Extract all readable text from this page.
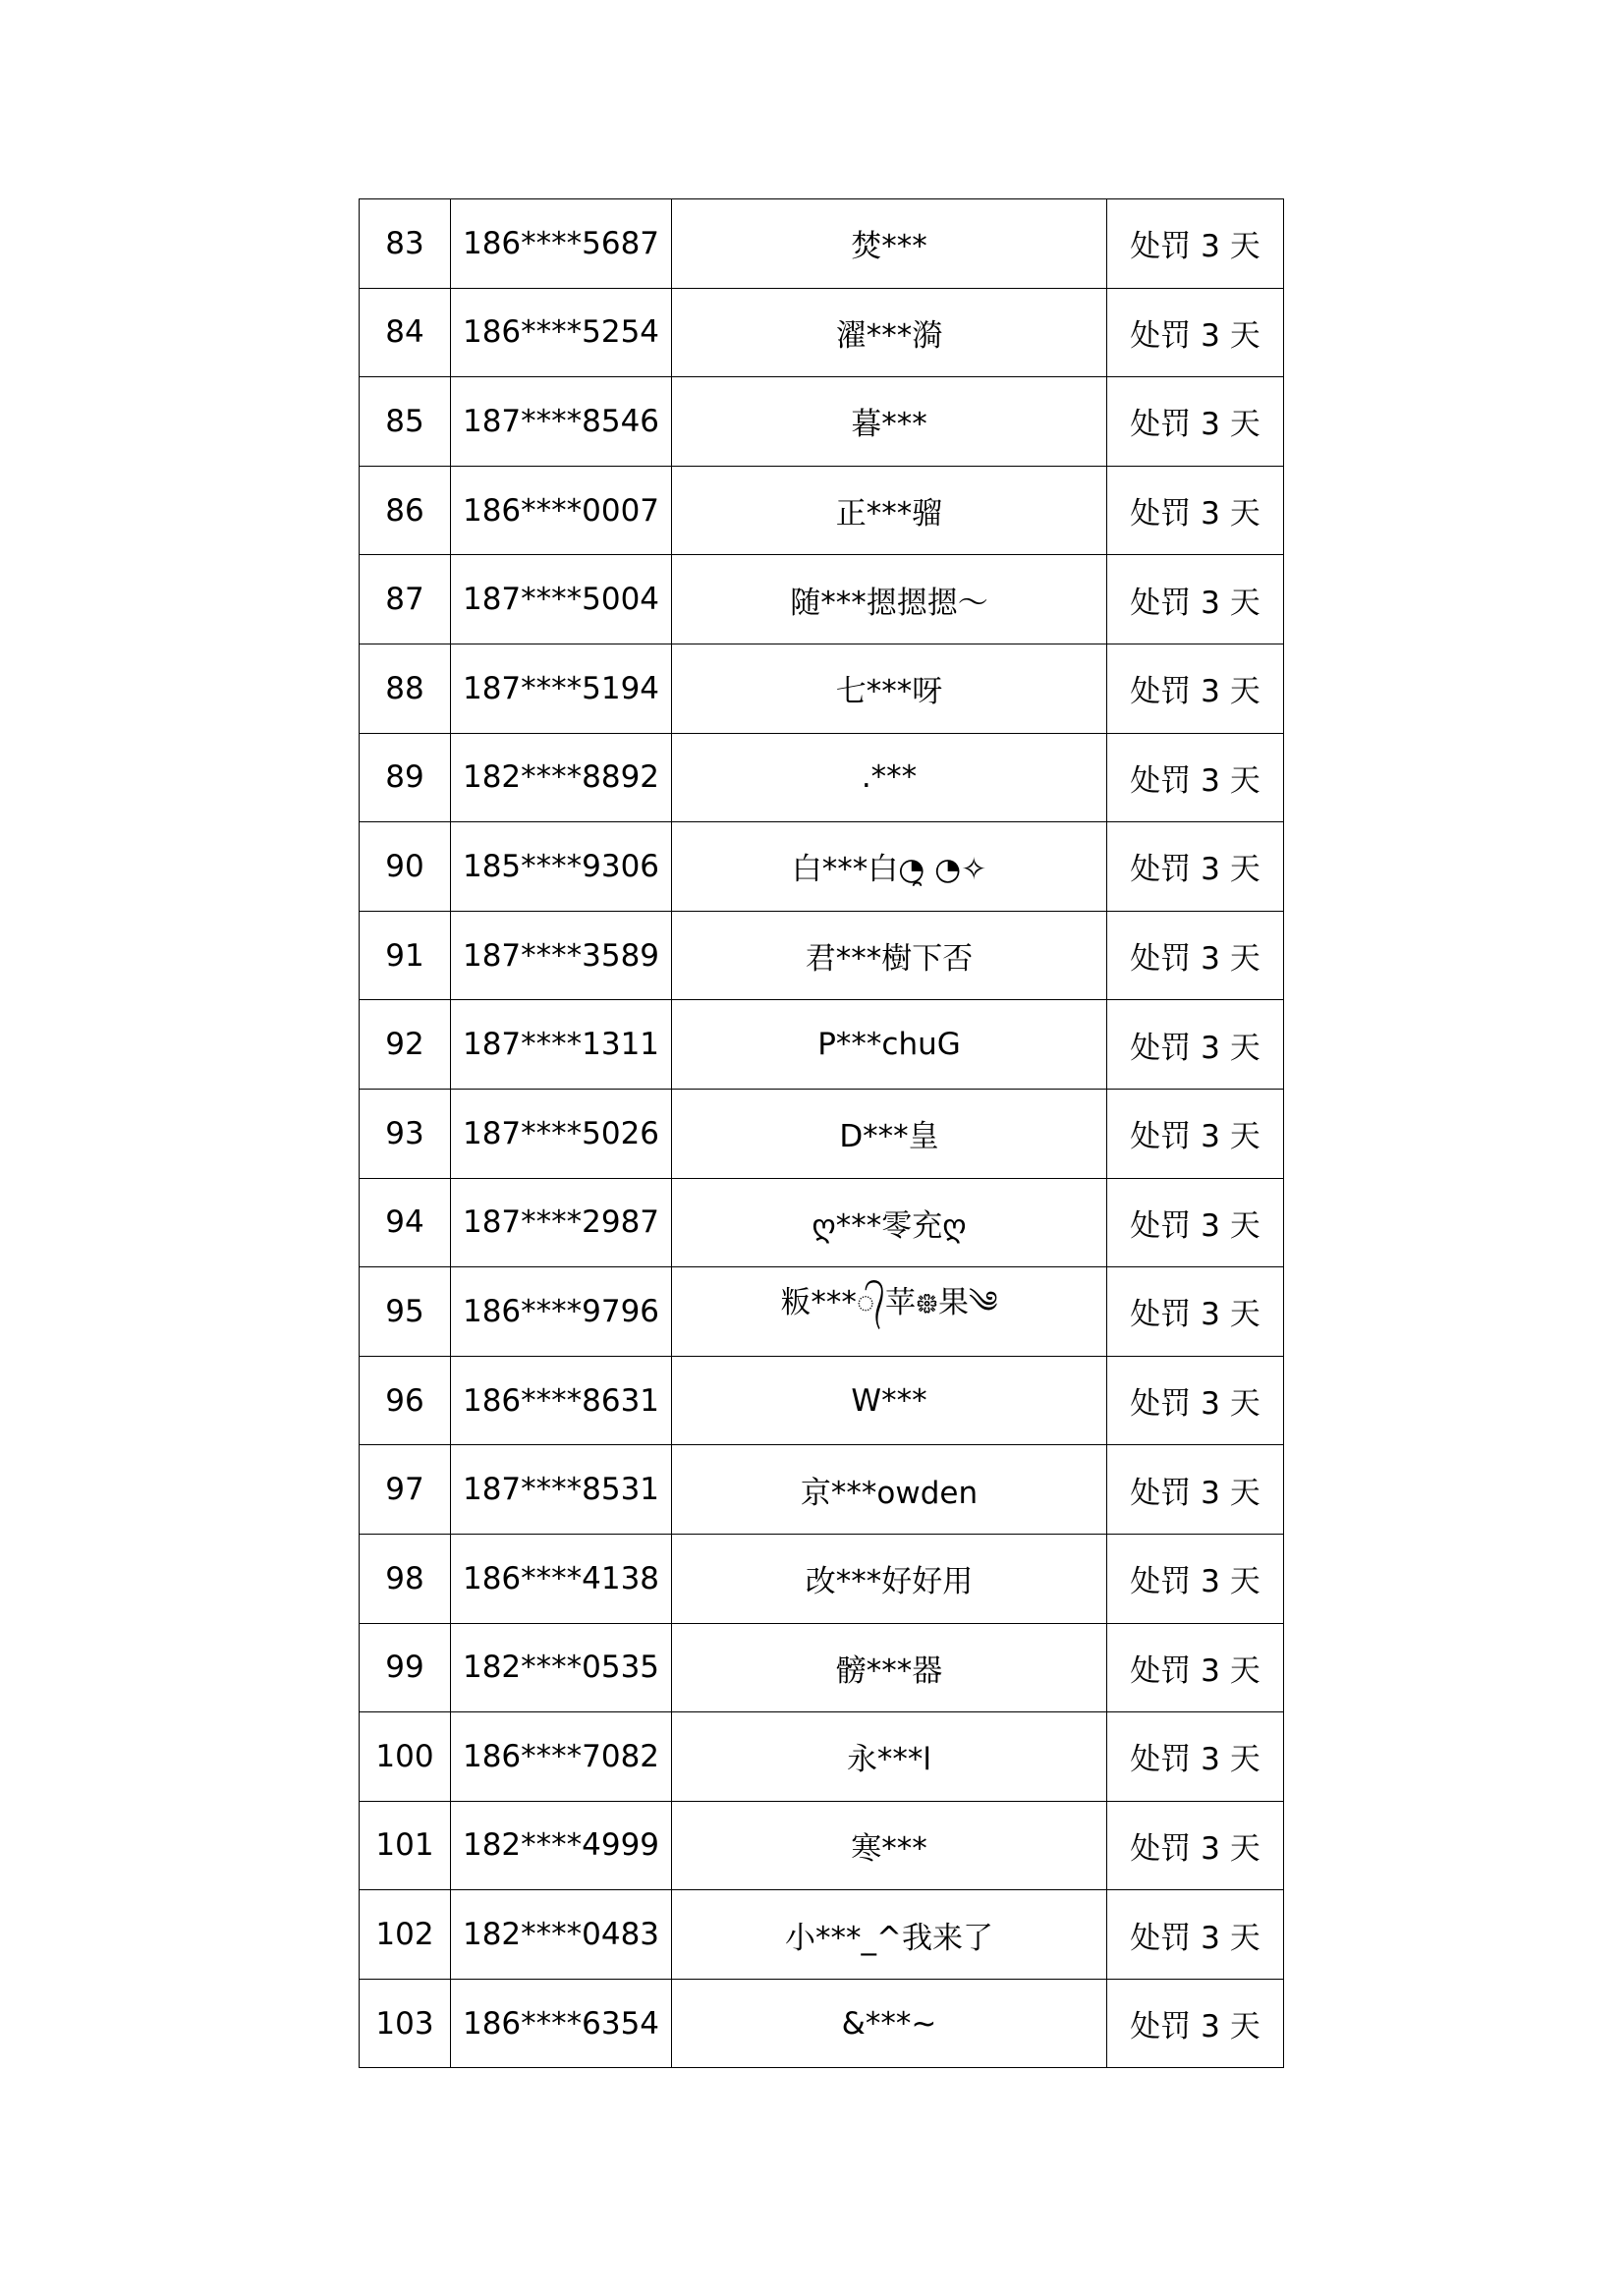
83	186****5687	焚***	处罚 3 天
84	186****5254	濯***漪	处罚 3 天
85	187****8546	暮***	处罚 3 天
86	186****0007	正***骝	处罚 3 天
87	187****5004	随***摁摁摁～	处罚 3 天
88	187****5194	七***呀	处罚 3 天
89	182****8892	.***	处罚 3 天
90	185****9306	白***白◔̯ ◔✧	处罚 3 天
91	187****3589	君***樹下否	处罚 3 天
92	187****1311	P***chuG	处罚 3 天
93	187****5026	D***皇	处罚 3 天
94	187****2987	ღ***零充ღ	处罚 3 天
95	186****9796	粄***᭄苹᪥果༄	处罚 3 天
96	186****8631	W***	处罚 3 天
97	187****8531	京***owden	处罚 3 天
98	186****4138	改***好好用	处罚 3 天
99	182****0535	髈***器	处罚 3 天
100	186****7082	永***l	处罚 3 天
101	182****4999	寒***	处罚 3 天
102	182****0483	小***_^我来了	处罚 3 天
103	186****6354	&***~	处罚 3 天
